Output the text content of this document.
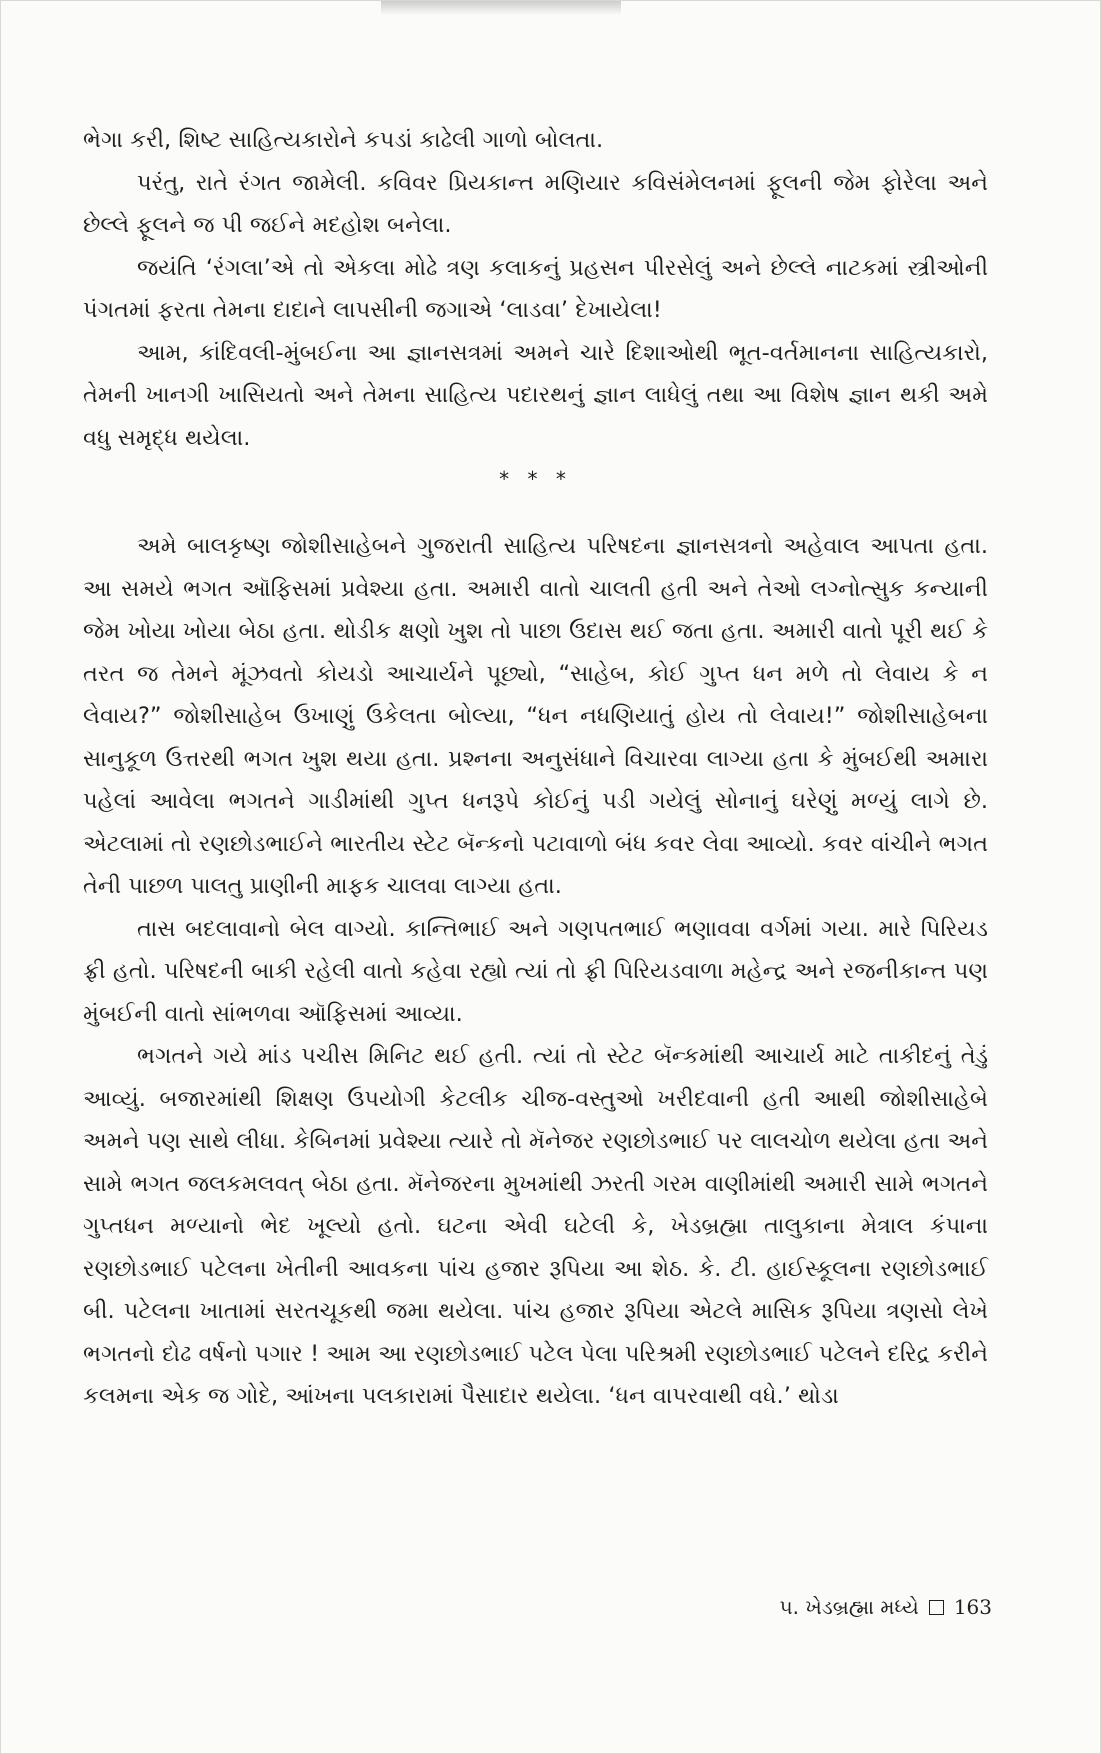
ભેગા કરી, શિષ્ટ સાહિત્યકારોને કપડાં કાઢેલી ગાળો બોલતા.

પરંતુ, રાતે રંગત જામેલી. કવિવર પ્રિયકાન્ત મણિયાર કવિસંમેલનમાં ફૂલની જેમ ફોરેલા અને છેલ્લે ફૂલને જ પી જઈને મદહોશ બનેલા.

જયંતિ ‘રંગલા’એ તો એકલા મોઢે ત્રણ કલાકનું પ્રહસન પીરસેલું અને છેલ્લે નાટકમાં સ્ત્રીઓની પંગતમાં ફરતા તેમના દાદાને લાપસીની જગાએ ‘લાડવા’ દેખાયેલા!

આમ, કાંદિવલી-મુંબઈના આ જ્ઞાનસત્રમાં અમને ચારે દિશાઓથી ભૂત-વર્તમાનના સાહિત્યકારો, તેમની ખાનગી ખાસિયતો અને તેમના સાહિત્ય પદારથનું જ્ઞાન લાધેલું તથા આ વિશેષ જ્ઞાન થકી અમે વધુ સમૃદ્ધ થયેલા.

* * *

અમે બાલકૃષ્ણ જોશીસાહેબને ગુજરાતી સાહિત્ય પરિષદના જ્ઞાનસત્રનો અહેવાલ આપતા હતા. આ સમયે ભગત ઑફિસમાં પ્રવેશ્યા હતા. અમારી વાતો ચાલતી હતી અને તેઓ લગ્નોત્સુક કન્યાની જેમ ખોયા ખોયા બેઠા હતા. થોડીક ક્ષણો ખુશ તો પાછા ઉદાસ થઈ જતા હતા. અમારી વાતો પૂરી થઈ કે તરત જ તેમને મૂંઝવતો કોયડો આચાર્યને પૂછ્યો, “સાહેબ, કોઈ ગુપ્ત ધન મળે તો લેવાય કે ન લેવાય?” જોશીસાહેબ ઉખાણું ઉકેલતા બોલ્યા, “ધન નધણિયાતું હોય તો લેવાય!” જોશીસાહેબના સાનુકૂળ ઉત્તરથી ભગત ખુશ થયા હતા. પ્રશ્નના અનુસંધાને વિચારવા લાગ્યા હતા કે મુંબઈથી અમારા પહેલાં આવેલા ભગતને ગાડીમાંથી ગુપ્ત ધનરૂપે કોઈનું પડી ગયેલું સોનાનું ઘરેણું મળ્યું લાગે છે. એટલામાં તો રણછોડભાઈને ભારતીય સ્ટેટ બૅન્કનો પટાવાળો બંધ કવર લેવા આવ્યો. કવર વાંચીને ભગત તેની પાછળ પાલતુ પ્રાણીની માફક ચાલવા લાગ્યા હતા.

તાસ બદલાવાનો બેલ વાગ્યો. કાન્તિભાઈ અને ગણપતભાઈ ભણાવવા વર્ગમાં ગયા. મારે પિરિયડ ફ્રી હતો. પરિષદની બાકી રહેલી વાતો કહેવા રહ્યો ત્યાં તો ફ્રી પિરિયડવાળા મહેન્દ્ર અને રજનીકાન્ત પણ મુંબઈની વાતો સાંભળવા ઑફિસમાં આવ્યા.

ભગતને ગયે માંડ પચીસ મિનિટ થઈ હતી. ત્યાં તો સ્ટેટ બૅન્કમાંથી આચાર્ય માટે તાકીદનું તેડું આવ્યું. બજારમાંથી શિક્ષણ ઉપયોગી કેટલીક ચીજ-વસ્તુઓ ખરીદવાની હતી આથી જોશીસાહેબે અમને પણ સાથે લીધા. કેબિનમાં પ્રવેશ્યા ત્યારે તો મૅનેજર રણછોડભાઈ પર લાલચોળ થયેલા હતા અને સામે ભગત જલકમલવત્ બેઠા હતા. મૅનેજરના મુખમાંથી ઝરતી ગરમ વાણીમાંથી અમારી સામે ભગતને ગુપ્તધન મળ્યાનો ભેદ ખૂલ્યો હતો. ઘટના એવી ઘટેલી કે, ખેડબ્રહ્મા તાલુકાના મેત્રાલ કંપાના રણછોડભાઈ પટેલના ખેતીની આવકના પાંચ હજાર રૂપિયા આ શેઠ. કે. ટી. હાઈસ્કૂલના રણછોડભાઈ બી. પટેલના ખાતામાં સરતચૂકથી જમા થયેલા. પાંચ હજાર રૂપિયા એટલે માસિક રૂપિયા ત્રણસો લેખે ભગતનો દોઢ વર્ષનો પગાર ! આમ આ રણછોડભાઈ પટેલ પેલા પરિશ્રમી રણછોડભાઈ પટેલને દરિદ્ર કરીને કલમના એક જ ગોદે, આંખના પલકારામાં પૈસાદાર થયેલા. ‘ધન વાપરવાથી વધે.’ થોડા

૫. ખેડબ્રહ્મા મધ્યે 163
